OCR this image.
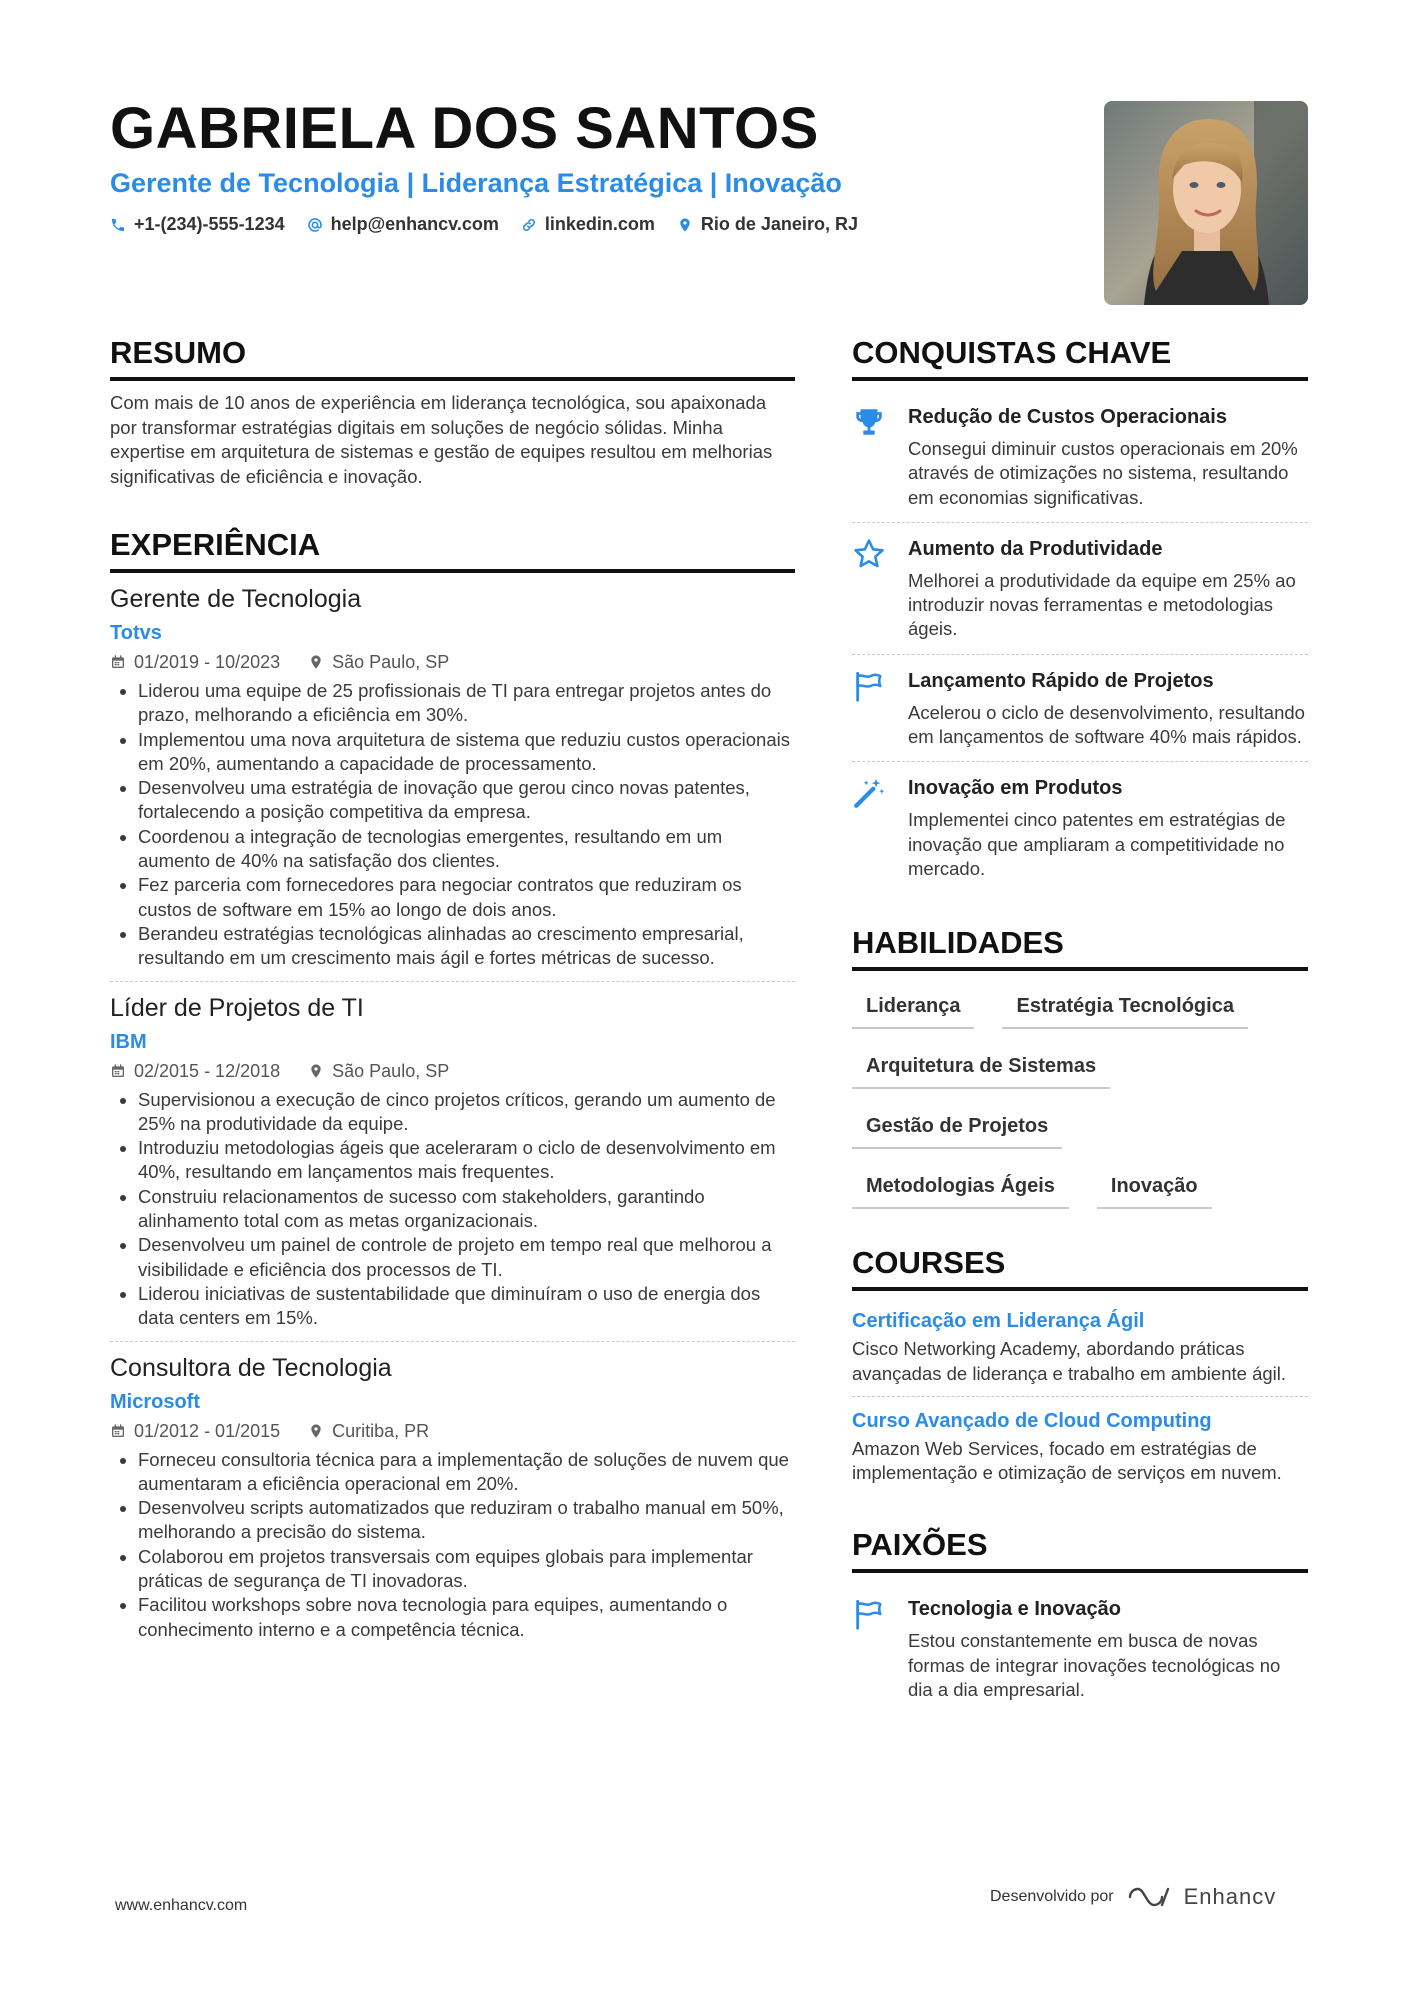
GABRIELA DOS SANTOS
Gerente de Tecnologia | Liderança Estratégica | Inovação
+1-(234)-555-1234	help@enhancv.com	linkedin.com	Rio de Janeiro, RJ
RESUMO
Com mais de 10 anos de experiência em liderança tecnológica, sou apaixonada por transformar estratégias digitais em soluções de negócio sólidas. Minha expertise em arquitetura de sistemas e gestão de equipes resultou em melhorias significativas de eficiência e inovação.
EXPERIÊNCIA
Gerente de Tecnologia
Totvs
01/2019 - 10/2023	São Paulo, SP
• Liderou uma equipe de 25 profissionais de TI para entregar projetos antes do prazo, melhorando a eficiência em 30%.
• Implementou uma nova arquitetura de sistema que reduziu custos operacionais em 20%, aumentando a capacidade de processamento.
• Desenvolveu uma estratégia de inovação que gerou cinco novas patentes, fortalecendo a posição competitiva da empresa.
• Coordenou a integração de tecnologias emergentes, resultando em um aumento de 40% na satisfação dos clientes.
• Fez parceria com fornecedores para negociar contratos que reduziram os custos de software em 15% ao longo de dois anos.
• Berandeu estratégias tecnológicas alinhadas ao crescimento empresarial, resultando em um crescimento mais ágil e fortes métricas de sucesso.
Líder de Projetos de TI
IBM
02/2015 - 12/2018	São Paulo, SP
• Supervisionou a execução de cinco projetos críticos, gerando um aumento de 25% na produtividade da equipe.
• Introduziu metodologias ágeis que aceleraram o ciclo de desenvolvimento em 40%, resultando em lançamentos mais frequentes.
• Construiu relacionamentos de sucesso com stakeholders, garantindo alinhamento total com as metas organizacionais.
• Desenvolveu um painel de controle de projeto em tempo real que melhorou a visibilidade e eficiência dos processos de TI.
• Liderou iniciativas de sustentabilidade que diminuíram o uso de energia dos data centers em 15%.
Consultora de Tecnologia
Microsoft
01/2012 - 01/2015	Curitiba, PR
• Forneceu consultoria técnica para a implementação de soluções de nuvem que aumentaram a eficiência operacional em 20%.
• Desenvolveu scripts automatizados que reduziram o trabalho manual em 50%, melhorando a precisão do sistema.
• Colaborou em projetos transversais com equipes globais para implementar práticas de segurança de TI inovadoras.
• Facilitou workshops sobre nova tecnologia para equipes, aumentando o conhecimento interno e a competência técnica.
CONQUISTAS CHAVE
Redução de Custos Operacionais
Consegui diminuir custos operacionais em 20% através de otimizações no sistema, resultando em economias significativas.
Aumento da Produtividade
Melhorei a produtividade da equipe em 25% ao introduzir novas ferramentas e metodologias ágeis.
Lançamento Rápido de Projetos
Acelerou o ciclo de desenvolvimento, resultando em lançamentos de software 40% mais rápidos.
Inovação em Produtos
Implementei cinco patentes em estratégias de inovação que ampliaram a competitividade no mercado.
HABILIDADES
Liderança	Estratégia Tecnológica
Arquitetura de Sistemas
Gestão de Projetos
Metodologias Ágeis	Inovação
COURSES
Certificação em Liderança Ágil
Cisco Networking Academy, abordando práticas avançadas de liderança e trabalho em ambiente ágil.
Curso Avançado de Cloud Computing
Amazon Web Services, focado em estratégias de implementação e otimização de serviços em nuvem.
PAIXÕES
Tecnologia e Inovação
Estou constantemente em busca de novas formas de integrar inovações tecnológicas no dia a dia empresarial.
www.enhancv.com
Desenvolvido por	Enhancv
